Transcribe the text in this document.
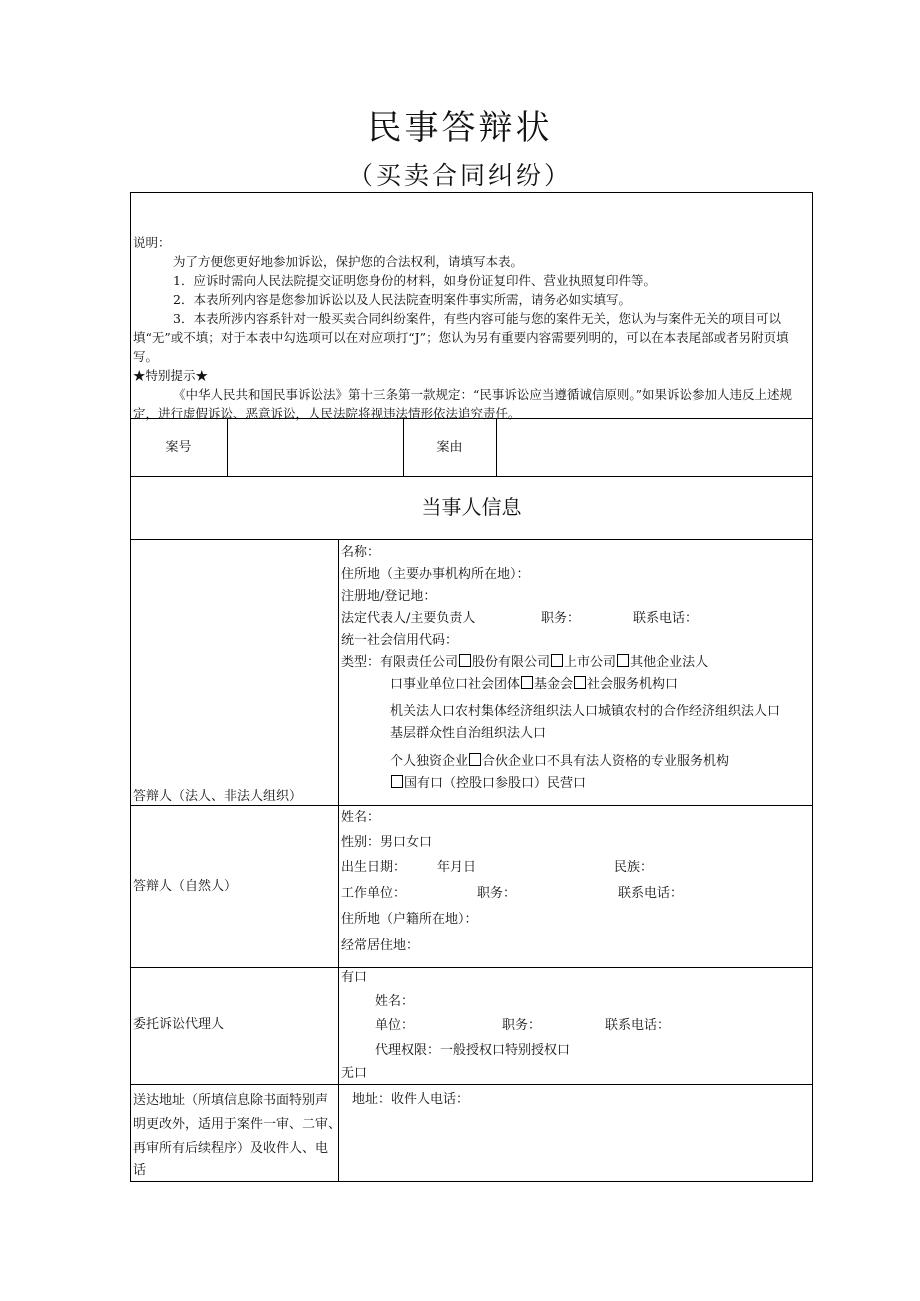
民事答辩状
（买卖合同纠纷）

说明：

为了方便您更好地参加诉讼，保护您的合法权利，请填写本表。

1．应诉时需向人民法院提交证明您身份的材料，如身份证复印件、营业执照复印件等。

2．本表所列内容是您参加诉讼以及人民法院查明案件事实所需，请务必如实填写。

3．本表所涉内容系针对一般买卖合同纠纷案件，有些内容可能与您的案件无关，您认为与案件无关的项目可以填“无”或不填；对于本表中勾选项可以在对应项打“J”；您认为另有重要内容需要列明的，可以在本表尾部或者另附页填写。

★特别提示★

《中华人民共和国民事诉讼法》第十三条第一款规定：“民事诉讼应当遵循诚信原则。”如果诉讼参加人违反上述规定，进行虚假诉讼、恶意诉讼，人民法院将视违法情形依法追究责任。

案号	案由
当事人信息
答辩人（法人、非法人组织）
名称：
住所地（主要办事机构所在地）：
注册地/登记地：
法定代表人/主要负责人	职务：	联系电话：
统一社会信用代码：
类型：有限责任公司 股份有限公司 上市公司 其他企业法人
口事业单位口社会团体 基金会 社会服务机构口
机关法人口农村集体经济组织法人口城镇农村的合作经济组织法人口
基层群众性自治组织法人口
个人独资企业 合伙企业口不具有法人资格的专业服务机构
国有口（控股口参股口）民营口
答辩人（自然人）
姓名：
性别：男口女口
出生日期： 年月日	民族：
工作单位：	职务：	联系电话：
住所地（户籍所在地）：
经常居住地：
委托诉讼代理人
有口
姓名：
单位：	职务：	联系电话：
代理权限：一般授权口特别授权口
无口
送达地址（所填信息除书面特别声
明更改外，适用于案件一审、二审、
再审所有后续程序）及收件人、电
话
地址：收件人电话：
